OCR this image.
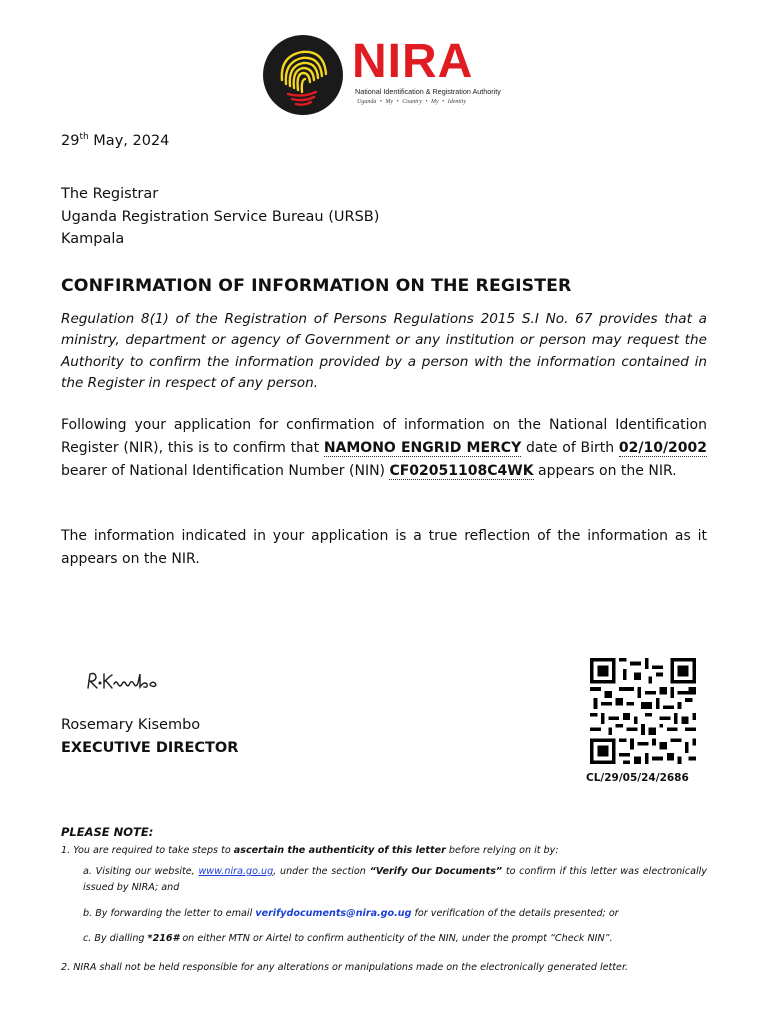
NIRA
National Identification & Registration Authority
Uganda • My • Country • My • Identity
29th May, 2024
The Registrar
Uganda Registration Service Bureau (URSB)
Kampala
CONFIRMATION OF INFORMATION ON THE REGISTER
Regulation 8(1) of the Registration of Persons Regulations 2015 S.I No. 67 provides that a ministry, department or agency of Government or any institution or person may request the Authority to confirm the information provided by a person with the information contained in the Register in respect of any person.
Following your application for confirmation of information on the National Identification Register (NIR), this is to confirm that NAMONO ENGRID MERCY date of Birth 02/10/2002 bearer of National Identification Number (NIN) CF02051108C4WK appears on the NIR.
The information indicated in your application is a true reflection of the information as it appears on the NIR.
Rosemary Kisembo
EXECUTIVE DIRECTOR
CL/29/05/24/2686
PLEASE NOTE:
1. You are required to take steps to ascertain the authenticity of this letter before relying on it by:
a. Visiting our website, www.nira.go.ug, under the section “Verify Our Documents” to confirm if this letter was electronically issued by NIRA; and
b. By forwarding the letter to email verifydocuments@nira.go.ug for verification of the details presented; or
c. By dialling *216# on either MTN or Airtel to confirm authenticity of the NIN, under the prompt “Check NIN”.
2. NIRA shall not be held responsible for any alterations or manipulations made on the electronically generated letter.
